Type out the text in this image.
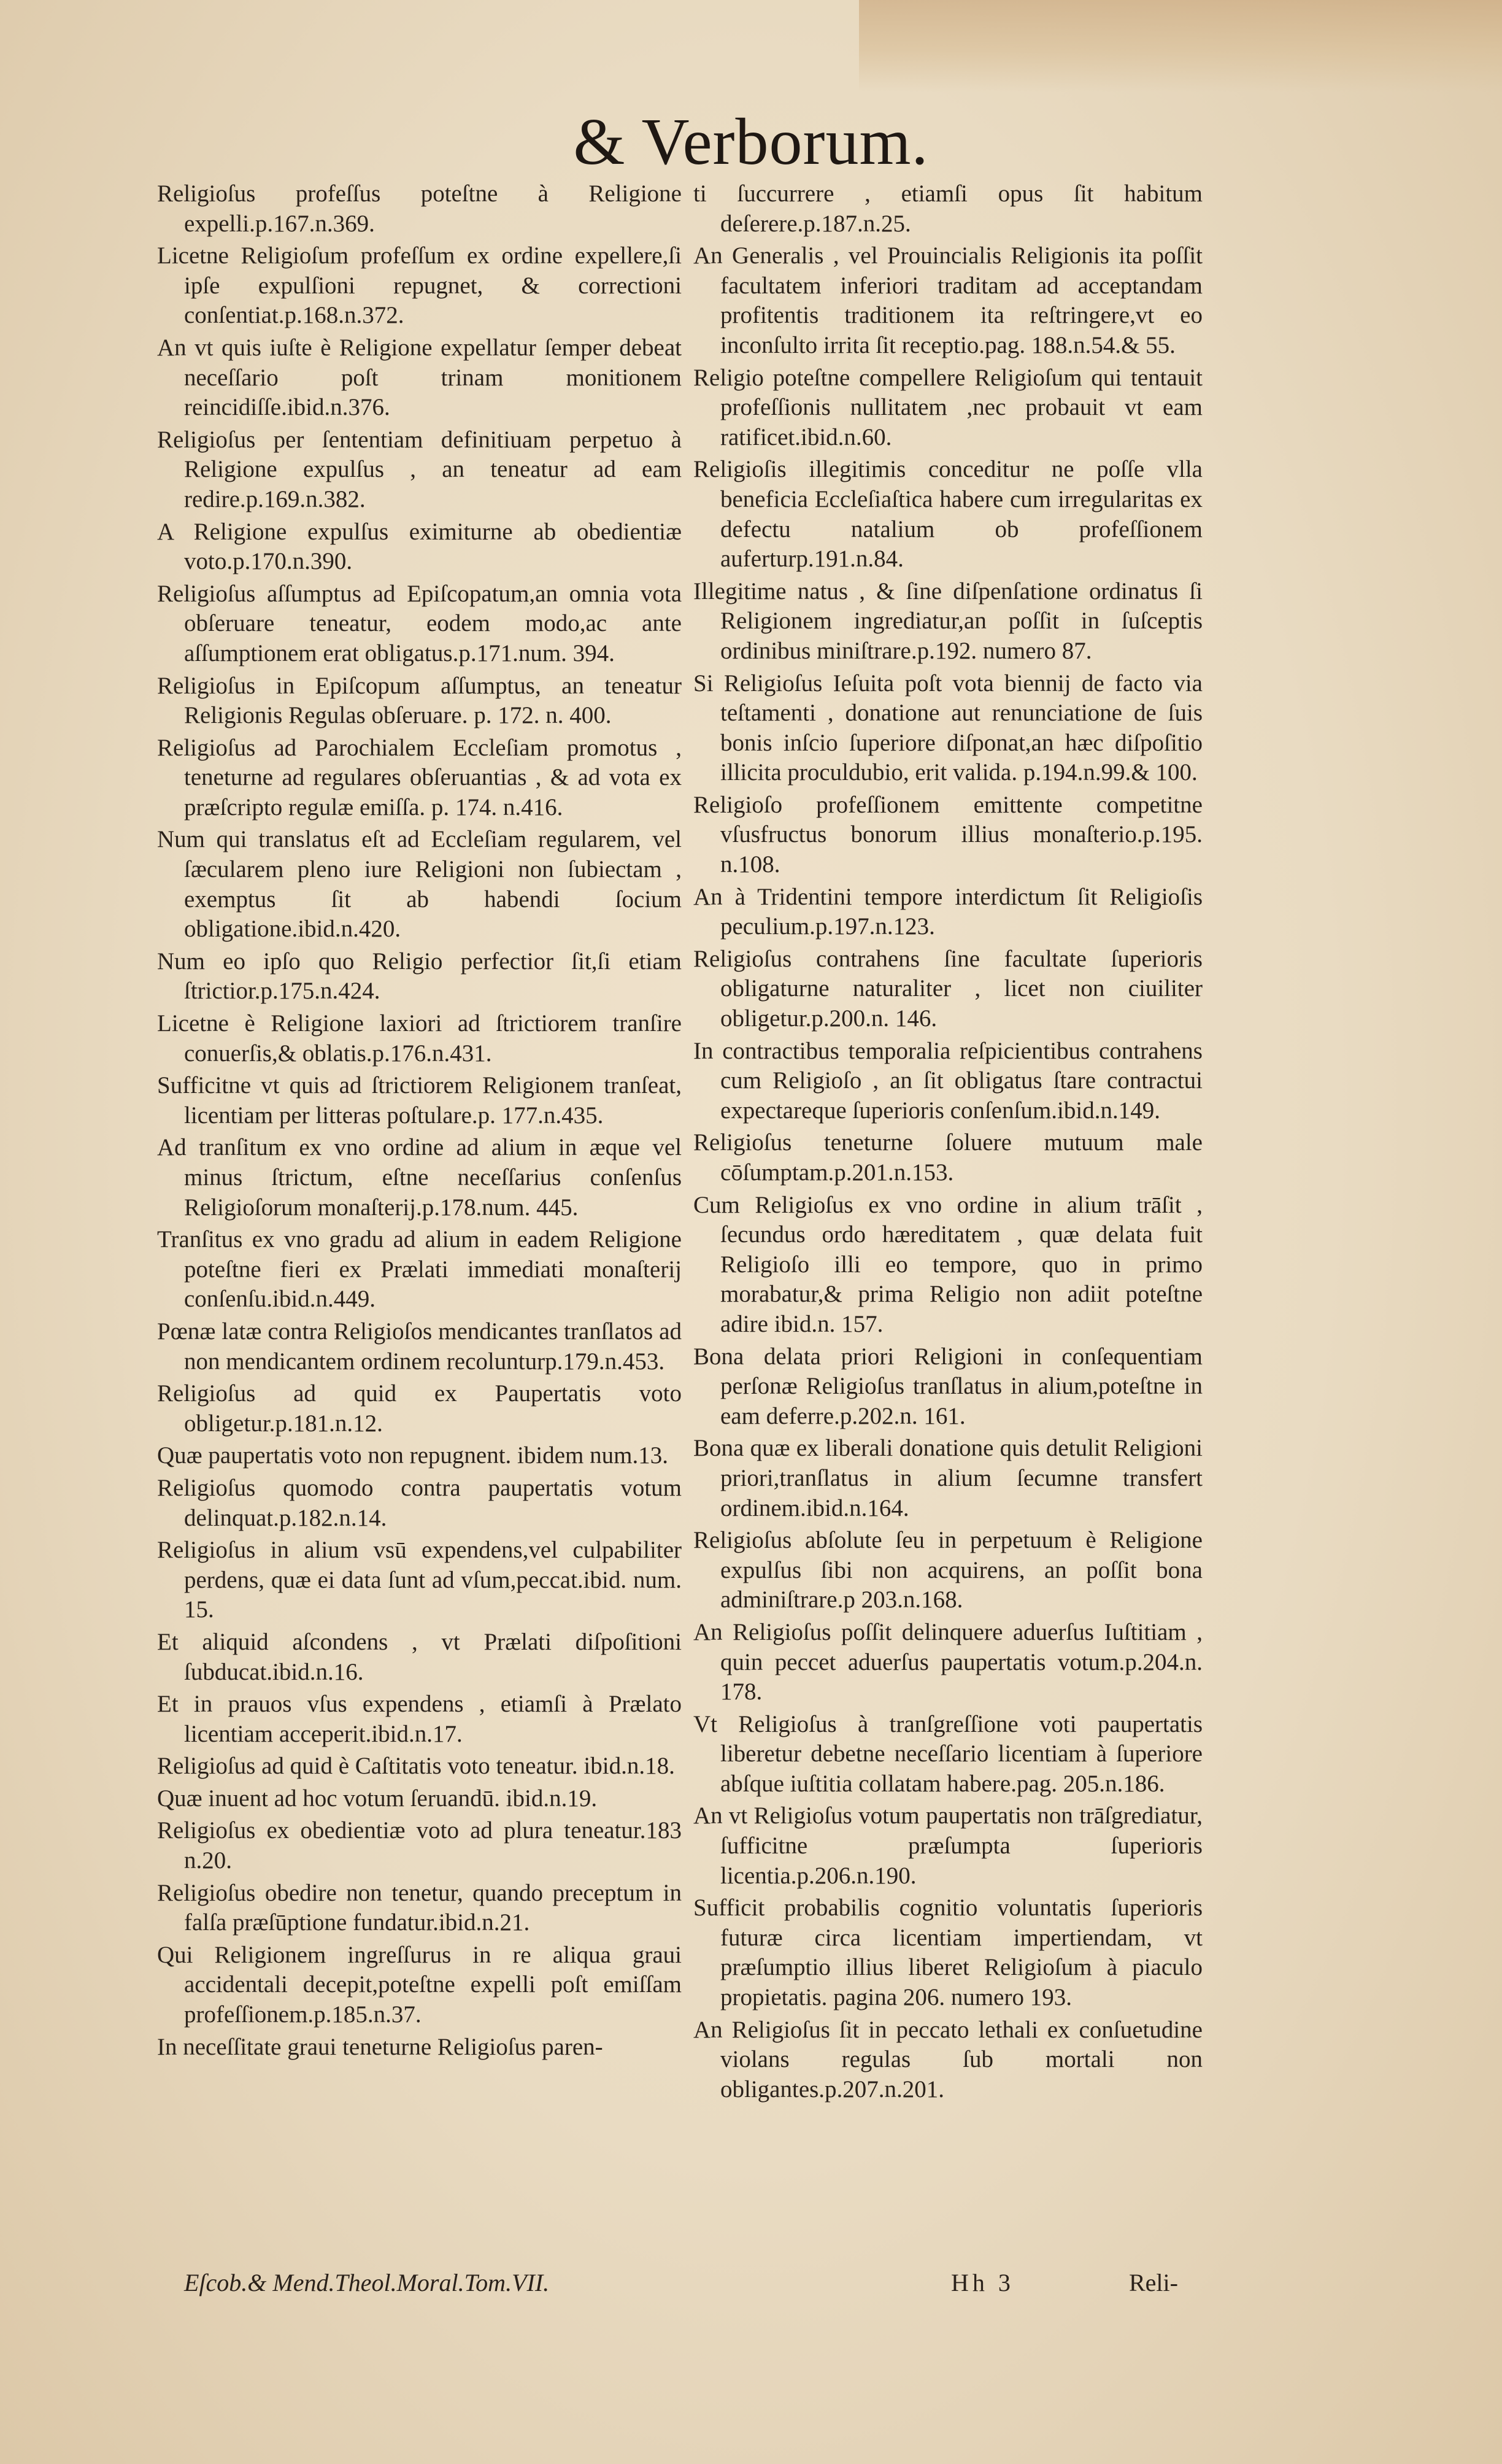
& Verborum.

Religioſus profeſſus poteſtne à Religione expelli.p.167.n.369.

Licetne Religioſum profeſſum ex ordine expellere,ſi ipſe expulſioni repugnet, & correctioni conſentiat.p.168.n.372.

An vt quis iuſte è Religione expellatur ſemper debeat neceſſario poſt trinam monitionem reincidiſſe.ibid.n.376.

Religioſus per ſententiam definitiuam perpetuo à Religione expulſus , an teneatur ad eam redire.p.169.n.382.

A Religione expulſus eximiturne ab obedientiæ voto.p.170.n.390.

Religioſus aſſumptus ad Epiſcopatum,an omnia vota obſeruare teneatur, eodem modo,ac ante aſſumptionem erat obligatus.p.171.num. 394.

Religioſus in Epiſcopum aſſumptus, an teneatur Religionis Regulas obſeruare. p. 172. n. 400.

Religioſus ad Parochialem Eccleſiam promotus , teneturne ad regulares obſeruantias , & ad vota ex præſcripto regulæ emiſſa. p. 174. n.416.

Num qui translatus eſt ad Eccleſiam regularem, vel ſæcularem pleno iure Religioni non ſubiectam , exemptus ſit ab habendi ſocium obligatione.ibid.n.420.

Num eo ipſo quo Religio perfectior ſit,ſi etiam ſtrictior.p.175.n.424.

Licetne è Religione laxiori ad ſtrictiorem tranſire conuerſis,& oblatis.p.176.n.431.

Sufficitne vt quis ad ſtrictiorem Religionem tranſeat, licentiam per litteras poſtulare.p. 177.n.435.

Ad tranſitum ex vno ordine ad alium in æque vel minus ſtrictum, eſtne neceſſarius conſenſus Religioſorum monaſterij.p.178.num. 445.

Tranſitus ex vno gradu ad alium in eadem Religione poteſtne fieri ex Prælati immediati monaſterij conſenſu.ibid.n.449.

Pœnæ latæ contra Religioſos mendicantes tranſlatos ad non mendicantem ordinem recolunturp.179.n.453.

Religioſus ad quid ex Paupertatis voto obligetur.p.181.n.12.

Quæ paupertatis voto non repugnent. ibidem num.13.

Religioſus quomodo contra paupertatis votum delinquat.p.182.n.14.

Religioſus in alium vsū expendens,vel culpabiliter perdens, quæ ei data ſunt ad vſum,peccat.ibid. num. 15.

Et aliquid aſcondens , vt Prælati diſpoſitioni ſubducat.ibid.n.16.

Et in prauos vſus expendens , etiamſi à Prælato licentiam acceperit.ibid.n.17.

Religioſus ad quid è Caſtitatis voto teneatur. ibid.n.18.

Quæ inuent ad hoc votum ſeruandū. ibid.n.19.

Religioſus ex obedientiæ voto ad plura teneatur.183 n.20.

Religioſus obedire non tenetur, quando preceptum in falſa præſūptione fundatur.ibid.n.21.

Qui Religionem ingreſſurus in re aliqua graui accidentali decepit,poteſtne expelli poſt emiſſam profeſſionem.p.185.n.37.

In neceſſitate graui teneturne Religioſus paren-

ti ſuccurrere , etiamſi opus ſit habitum deſerere.p.187.n.25.

An Generalis , vel Prouincialis Religionis ita poſſit facultatem inferiori traditam ad acceptandam profitentis traditionem ita reſtringere,vt eo inconſulto irrita ſit receptio.pag. 188.n.54.& 55.

Religio poteſtne compellere Religioſum qui tentauit profeſſionis nullitatem ,nec probauit vt eam ratificet.ibid.n.60.

Religioſis illegitimis conceditur ne poſſe vlla beneficia Eccleſiaſtica habere cum irregularitas ex defectu natalium ob profeſſionem auferturp.191.n.84.

Illegitime natus , & ſine diſpenſatione ordinatus ſi Religionem ingrediatur,an poſſit in ſuſceptis ordinibus miniſtrare.p.192. numero 87.

Si Religioſus Ieſuita poſt vota biennij de facto via teſtamenti , donatione aut renunciatione de ſuis bonis inſcio ſuperiore diſponat,an hæc diſpoſitio illicita proculdubio, erit valida. p.194.n.99.& 100.

Religioſo profeſſionem emittente competitne vſusfructus bonorum illius monaſterio.p.195. n.108.

An à Tridentini tempore interdictum ſit Religioſis peculium.p.197.n.123.

Religioſus contrahens ſine facultate ſuperioris obligaturne naturaliter , licet non ciuiliter obligetur.p.200.n. 146.

In contractibus temporalia reſpicientibus contrahens cum Religioſo , an ſit obligatus ſtare contractui expectareque ſuperioris conſenſum.ibid.n.149.

Religioſus teneturne ſoluere mutuum male cōſumptam.p.201.n.153.

Cum Religioſus ex vno ordine in alium trāſit , ſecundus ordo hæreditatem , quæ delata fuit Religioſo illi eo tempore, quo in primo morabatur,& prima Religio non adiit poteſtne adire ibid.n. 157.

Bona delata priori Religioni in conſequentiam perſonæ Religioſus tranſlatus in alium,poteſtne in eam deferre.p.202.n. 161.

Bona quæ ex liberali donatione quis detulit Religioni priori,tranſlatus in alium ſecumne transfert ordinem.ibid.n.164.

Religioſus abſolute ſeu in perpetuum è Religione expulſus ſibi non acquirens, an poſſit bona adminiſtrare.p 203.n.168.

An Religioſus poſſit delinquere aduerſus Iuſtitiam , quin peccet aduerſus paupertatis votum.p.204.n. 178.

Vt Religioſus à tranſgreſſione voti paupertatis liberetur debetne neceſſario licentiam à ſuperiore abſque iuſtitia collatam habere.pag. 205.n.186.

An vt Religioſus votum paupertatis non trāſgrediatur, ſufficitne præſumpta ſuperioris licentia.p.206.n.190.

Sufficit probabilis cognitio voluntatis ſuperioris futuræ circa licentiam impertiendam, vt præſumptio illius liberet Religioſum à piaculo propietatis. pagina 206. numero 193.

An Religioſus ſit in peccato lethali ex conſuetudine violans regulas ſub mortali non obligantes.p.207.n.201.

Eſcob.& Mend.Theol.Moral.Tom.VII.	Hh 3	Reli-
